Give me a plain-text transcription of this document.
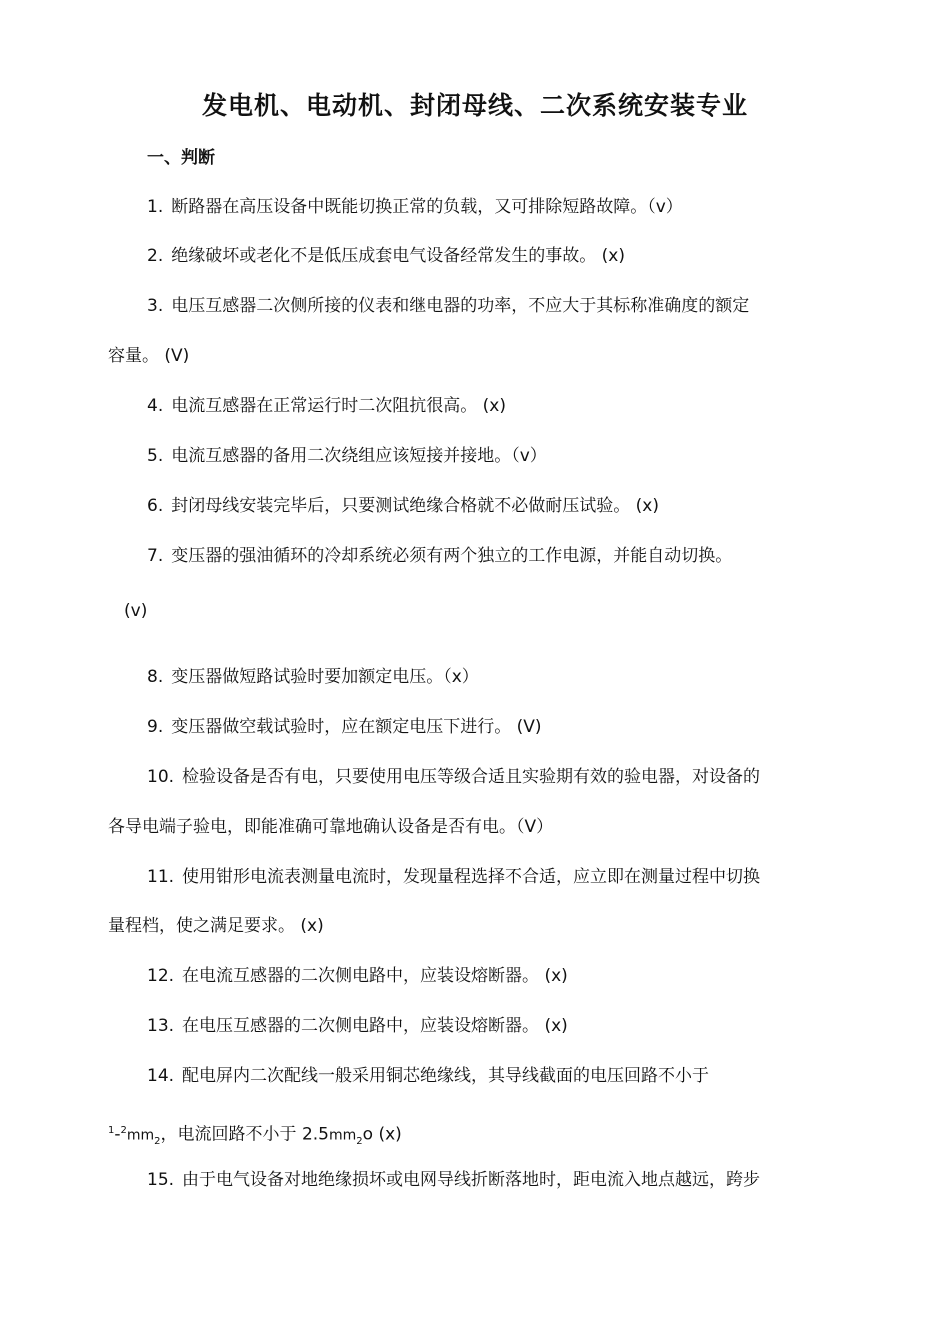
发电机、电动机、封闭母线、二次系统安装专业
一、判断
1. 断路器在高压设备中既能切换正常的负载，又可排除短路故障。（v）
2. 绝缘破坏或老化不是低压成套电气设备经常发生的事故。 (x)
3. 电压互感器二次侧所接的仪表和继电器的功率，不应大于其标称准确度的额定
容量。 (V)
4. 电流互感器在正常运行时二次阻抗很高。 (x)
5. 电流互感器的备用二次绕组应该短接并接地。（v）
6. 封闭母线安装完毕后，只要测试绝缘合格就不必做耐压试验。 (x)
7. 变压器的强油循环的冷却系统必须有两个独立的工作电源，并能自动切换。
(v)
8. 变压器做短路试验时要加额定电压。（x）
9. 变压器做空载试验时，应在额定电压下进行。 (V)
10. 检验设备是否有电，只要使用电压等级合适且实验期有效的验电器，对设备的
各导电端子验电，即能准确可靠地确认设备是否有电。（V）
11. 使用钳形电流表测量电流时，发现量程选择不合适，应立即在测量过程中切换
量程档，使之满足要求。 (x)
12. 在电流互感器的二次侧电路中，应装设熔断器。 (x)
13. 在电压互感器的二次侧电路中，应装设熔断器。 (x)
14. 配电屏内二次配线一般采用铜芯绝缘线，其导线截面的电压回路不小于
$^1-^2mm_2$，电流回路不小于 $2.5mm_2o$ (x)
15. 由于电气设备对地绝缘损坏或电网导线折断落地时，距电流入地点越远，跨步
